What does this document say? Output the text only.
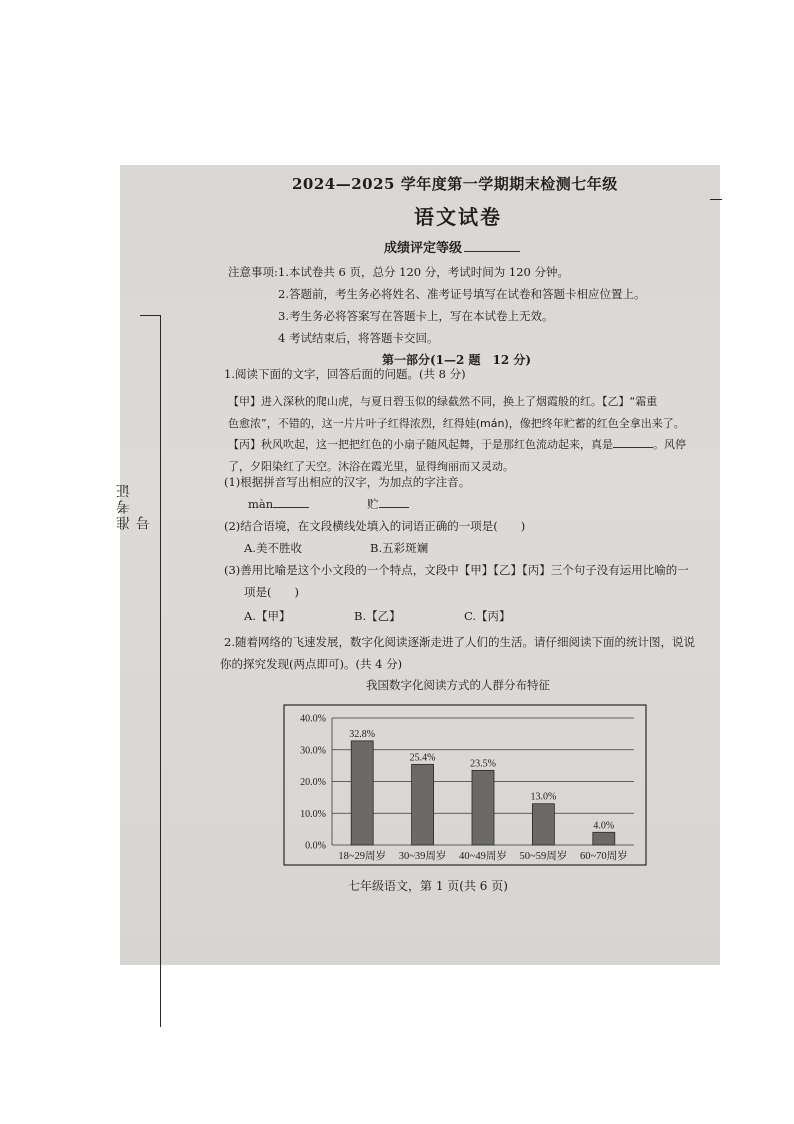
准考证号
2024—2025 学年度第一学期期末检测七年级
语文试卷
成绩评定等级
注意事项:1.本试卷共 6 页，总分 120 分，考试时间为 120 分钟。
2.答题前，考生务必将姓名、准考证号填写在试卷和答题卡相应位置上。
3.考生务必将答案写在答题卡上，写在本试卷上无效。
4 考试结束后，将答题卡交回。
第一部分(1—2 题　12 分)
1.阅读下面的文字，回答后面的问题。(共 8 分)
【甲】进入深秋的爬山虎，与夏日碧玉似的绿截然不同，换上了烟霞般的红。【乙】“霜重
色愈浓”，不错的，这一片片叶子红得浓烈，红得娃(mán)，像把终年贮蓄的红色全拿出来了。
【丙】秋风吹起，这一把把红色的小扇子随风起舞，于是那红色流动起来，真是	。风停
了，夕阳染红了天空。沐浴在霞光里，显得绚丽而又灵动。
(1)根据拼音写出相应的汉字，为加点的字注音。
màn	贮
(2)结合语境，在文段横线处填入的词语正确的一项是(　　)
A.美不胜收	B.五彩斑斓
(3)善用比喻是这个小文段的一个特点，文段中【甲】【乙】【丙】三个句子没有运用比喻的一
项是(　　)
A.【甲】	B.【乙】	C.【丙】
2.随着网络的飞速发展，数字化阅读逐渐走进了人们的生活。请仔细阅读下面的统计图，说说
你的探究发现(两点即可)。(共 4 分)
我国数字化阅读方式的人群分布特征
0.0%
10.0%
20.0%
30.0%
40.0%
32.8%
25.4%
23.5%
13.0%
4.0%
18~29周岁 30~39周岁 40~49周岁 50~59周岁 60~70周岁
七年级语文，第 1 页(共 6 页)
